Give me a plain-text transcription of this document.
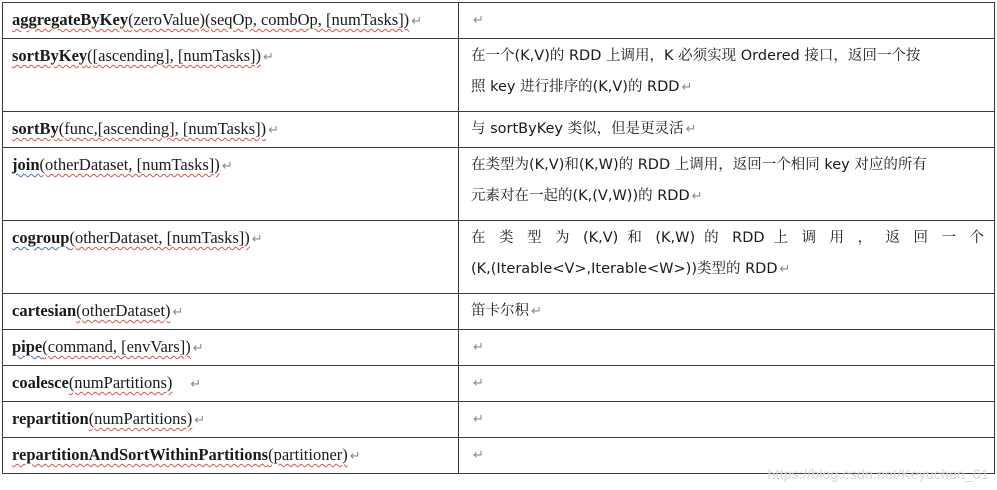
aggregateByKey(zeroValue)(seqOp, combOp, [numTasks]) ↵	↵
sortByKey([ascending], [numTasks]) ↵	在一个(K,V)的 RDD 上调用，K 必须实现 Ordered 接口，返回一个按
照 key 进行排序的(K,V)的 RDD ↵
sortBy(func,[ascending], [numTasks]) ↵	与 sortByKey 类似，但是更灵活 ↵
join(otherDataset, [numTasks]) ↵	在类型为(K,V)和(K,W)的 RDD 上调用，返回一个相同 key 对应的所有
元素对在一起的(K,(V,W))的 RDD ↵
cogroup(otherDataset, [numTasks]) ↵	在 类 型 为 (K,V) 和 (K,W) 的 RDD 上 调 用 ， 返 回 一 个
(K,(Iterable<V>,Iterable<W>))类型的 RDD ↵
cartesian(otherDataset) ↵	笛卡尔积 ↵
pipe(command, [envVars]) ↵	↵
coalesce(numPartitions) ↵	↵
repartition(numPartitions) ↵	↵
repartitionAndSortWithinPartitions(partitioner) ↵	↵
https://blog.csdn.net/Keyuchen_01
